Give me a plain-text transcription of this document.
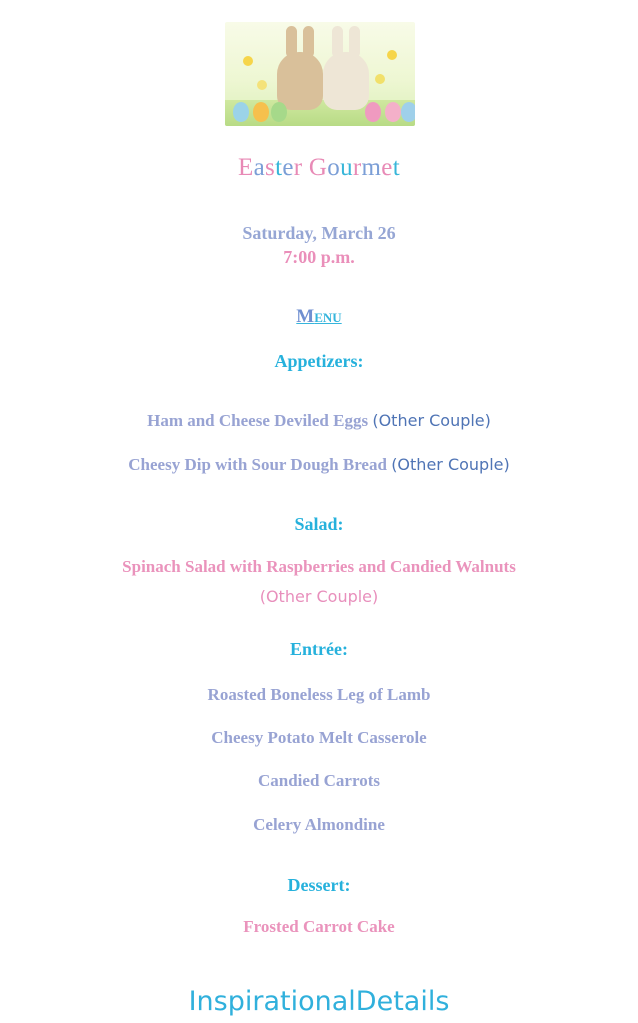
Easter Gourmet
Saturday, March 26
7:00 p.m.
Menu
Appetizers:
Ham and Cheese Deviled Eggs (Other Couple)
Cheesy Dip with Sour Dough Bread (Other Couple)
Salad:
Spinach Salad with Raspberries and Candied Walnuts
(Other Couple)
Entrée:
Roasted Boneless Leg of Lamb
Cheesy Potato Melt Casserole
Candied Carrots
Celery Almondine
Dessert:
Frosted Carrot Cake
InspirationalDetails
